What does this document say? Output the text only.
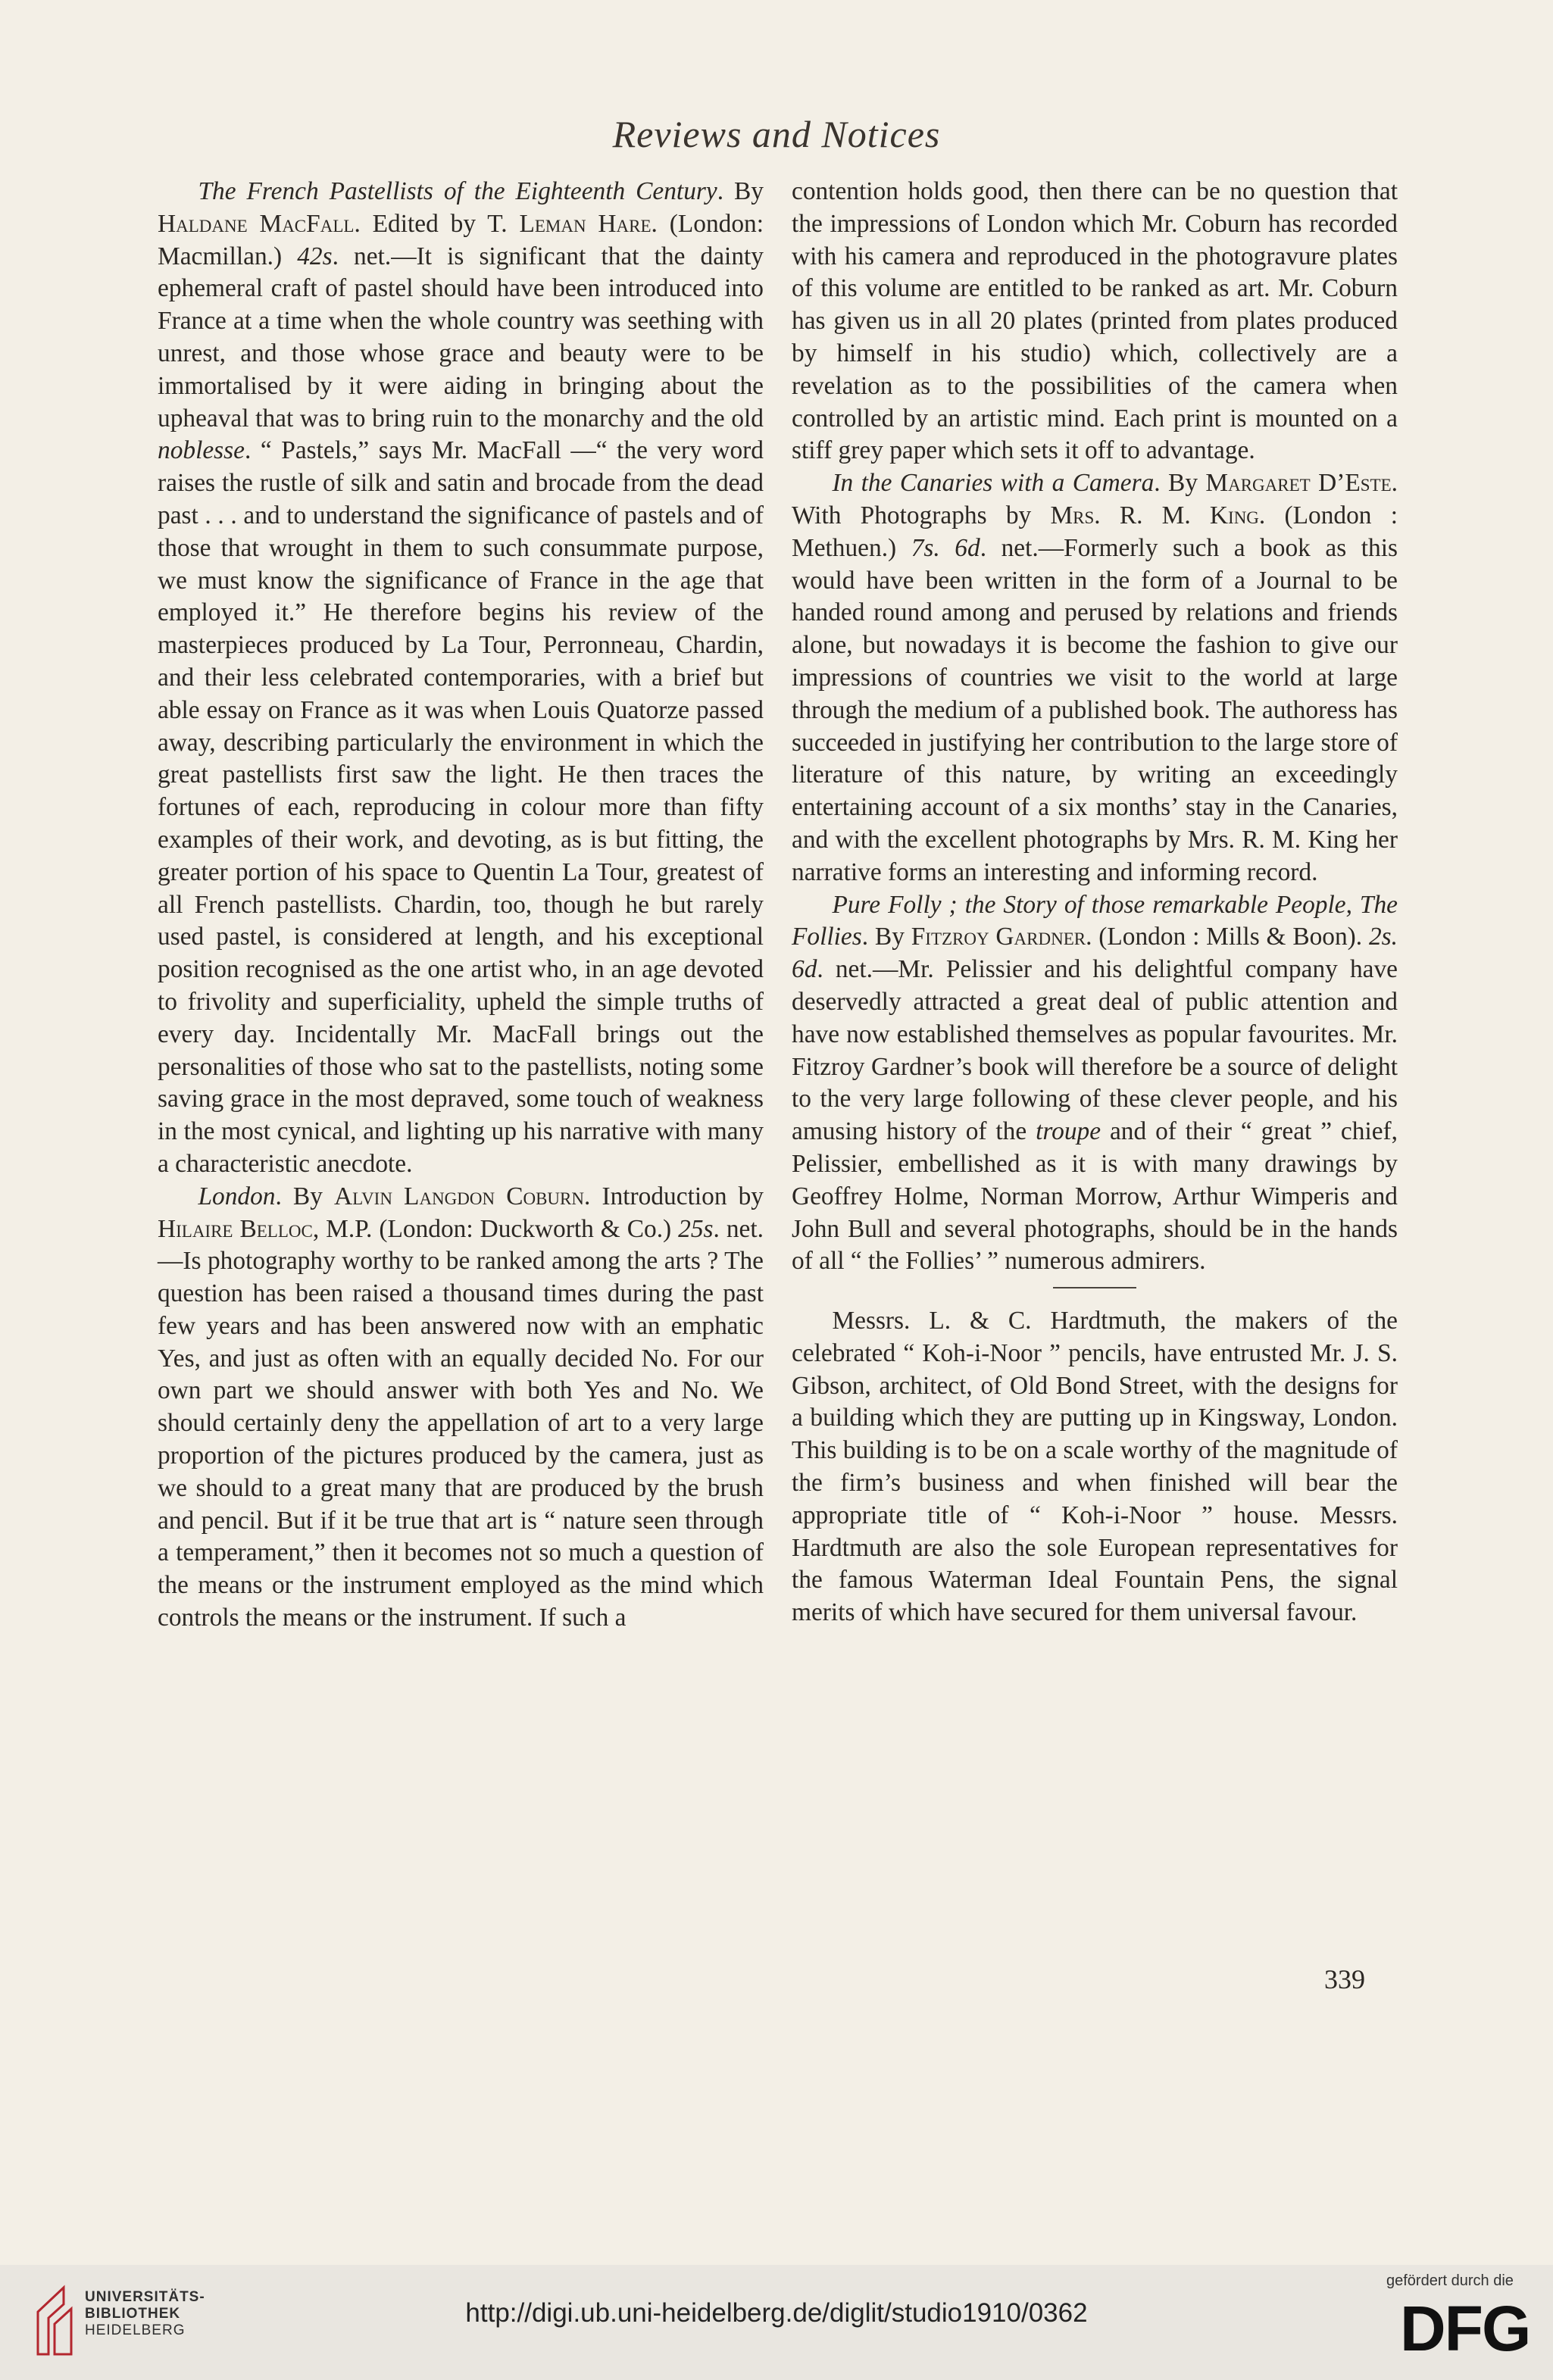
Reviews and Notices

The French Pastellists of the Eighteenth Century. By Haldane MacFall. Edited by T. Leman Hare. (London: Macmillan.) 42s. net.—It is significant that the dainty ephemeral craft of pastel should have been introduced into France at a time when the whole country was seething with unrest, and those whose grace and beauty were to be immortalised by it were aiding in bringing about the upheaval that was to bring ruin to the monarchy and the old noblesse. “ Pastels,” says Mr. MacFall —“ the very word raises the rustle of silk and satin and brocade from the dead past . . . and to understand the significance of pastels and of those that wrought in them to such consummate purpose, we must know the significance of France in the age that employed it.” He therefore begins his review of the masterpieces produced by La Tour, Perronneau, Chardin, and their less celebrated contemporaries, with a brief but able essay on France as it was when Louis Quatorze passed away, describing particularly the environment in which the great pastellists first saw the light. He then traces the fortunes of each, reproducing in colour more than fifty examples of their work, and devoting, as is but fitting, the greater portion of his space to Quentin La Tour, greatest of all French pastellists. Chardin, too, though he but rarely used pastel, is considered at length, and his exceptional position recognised as the one artist who, in an age devoted to frivolity and superficiality, upheld the simple truths of every day. Incidentally Mr. MacFall brings out the personalities of those who sat to the pastellists, noting some saving grace in the most depraved, some touch of weakness in the most cynical, and lighting up his narrative with many a characteristic anecdote.

London. By Alvin Langdon Coburn. Introduction by Hilaire Belloc, M.P. (London: Duckworth & Co.) 25s. net.—Is photography worthy to be ranked among the arts ? The question has been raised a thousand times during the past few years and has been answered now with an emphatic Yes, and just as often with an equally decided No. For our own part we should answer with both Yes and No. We should certainly deny the appellation of art to a very large proportion of the pictures produced by the camera, just as we should to a great many that are produced by the brush and pencil. But if it be true that art is “ nature seen through a temperament,” then it becomes not so much a question of the means or the instrument employed as the mind which controls the means or the instrument. If such a

contention holds good, then there can be no question that the impressions of London which Mr. Coburn has recorded with his camera and reproduced in the photogravure plates of this volume are entitled to be ranked as art. Mr. Coburn has given us in all 20 plates (printed from plates produced by himself in his studio) which, collectively are a revelation as to the possibilities of the camera when controlled by an artistic mind. Each print is mounted on a stiff grey paper which sets it off to advantage.

In the Canaries with a Camera. By Margaret D’Este. With Photographs by Mrs. R. M. King. (London : Methuen.) 7s. 6d. net.—Formerly such a book as this would have been written in the form of a Journal to be handed round among and perused by relations and friends alone, but nowadays it is become the fashion to give our impressions of countries we visit to the world at large through the medium of a published book. The authoress has succeeded in justifying her contribution to the large store of literature of this nature, by writing an exceedingly entertaining account of a six months’ stay in the Canaries, and with the excellent photographs by Mrs. R. M. King her narrative forms an interesting and informing record.

Pure Folly ; the Story of those remarkable People, The Follies. By Fitzroy Gardner. (London : Mills & Boon). 2s. 6d. net.—Mr. Pelissier and his delightful company have deservedly attracted a great deal of public attention and have now established themselves as popular favourites. Mr. Fitzroy Gardner’s book will therefore be a source of delight to the very large following of these clever people, and his amusing history of the troupe and of their “ great ” chief, Pelissier, embellished as it is with many drawings by Geoffrey Holme, Norman Morrow, Arthur Wimperis and John Bull and several photographs, should be in the hands of all “ the Follies’ ” numerous admirers.

Messrs. L. & C. Hardtmuth, the makers of the celebrated “ Koh-i-Noor ” pencils, have entrusted Mr. J. S. Gibson, architect, of Old Bond Street, with the designs for a building which they are putting up in Kingsway, London. This building is to be on a scale worthy of the magnitude of the firm’s business and when finished will bear the appropriate title of “ Koh-i-Noor ” house. Messrs. Hardtmuth are also the sole European representatives for the famous Waterman Ideal Fountain Pens, the signal merits of which have secured for them universal favour.

339
UNIVERSITÄTS-
BIBLIOTHEK
HEIDELBERG
http://digi.ub.uni-heidelberg.de/diglit/studio1910/0362
gefördert durch die
DFG
